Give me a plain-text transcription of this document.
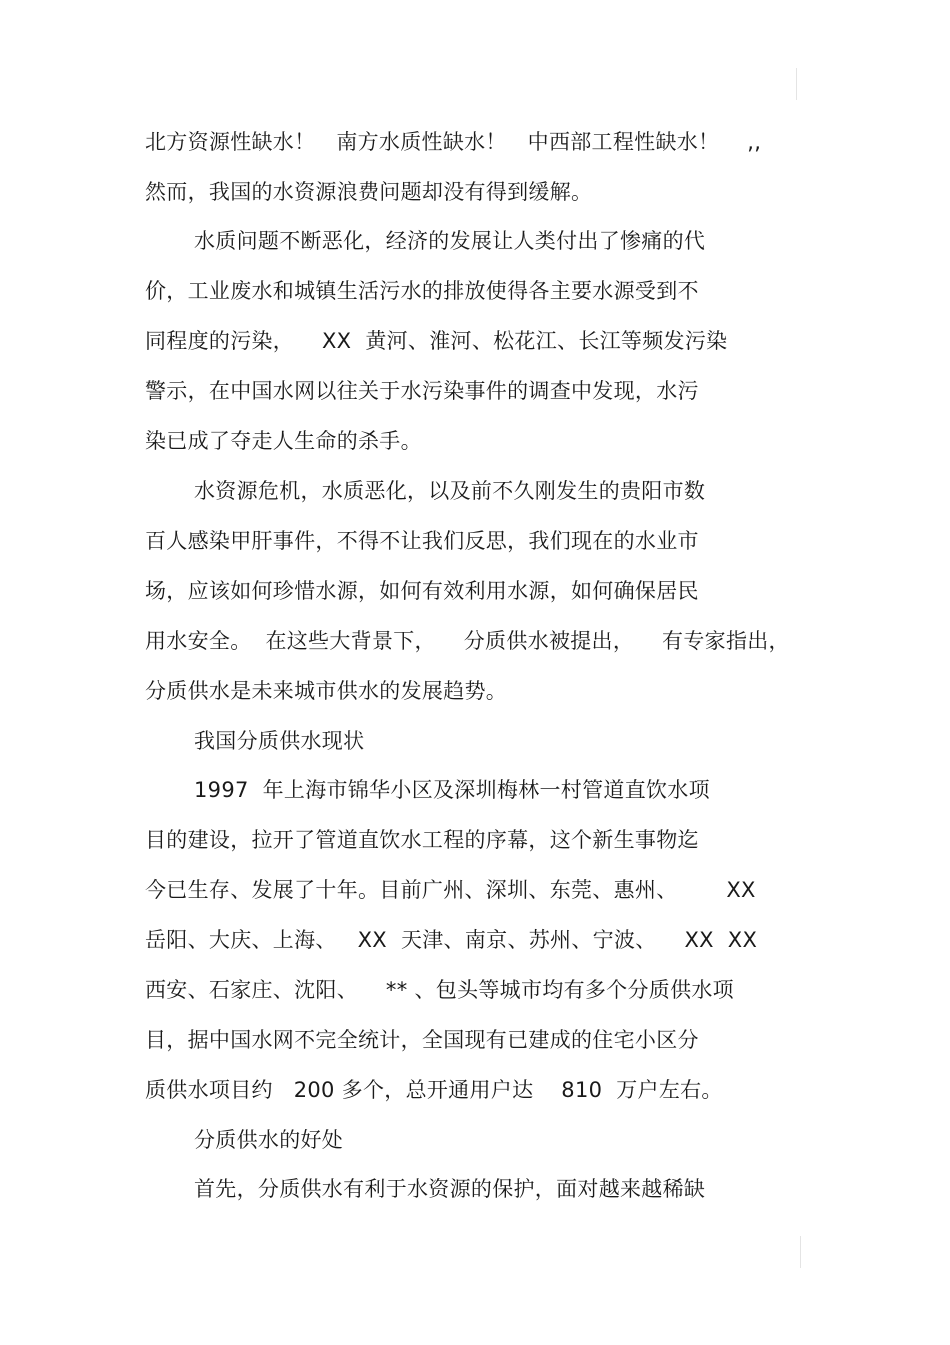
北方资源性缺水！   南方水质性缺水！   中西部工程性缺水！    ,,

然而，我国的水资源浪费问题却没有得到缓解。

水质问题不断恶化，经济的发展让人类付出了惨痛的代

价，工业废水和城镇生活污水的排放使得各主要水源受到不

同程度的污染，    XX  黄河、淮河、松花江、长江等频发污染

警示，在中国水网以往关于水污染事件的调查中发现，水污

染已成了夺走人生命的杀手。

水资源危机，水质恶化，以及前不久刚发生的贵阳市数

百人感染甲肝事件，不得不让我们反思，我们现在的水业市

场，应该如何珍惜水源，如何有效利用水源，如何确保居民

用水安全。  在这些大背景下，    分质供水被提出，    有专家指出，

分质供水是未来城市供水的发展趋势。

我国分质供水现状

1997  年上海市锦华小区及深圳梅林一村管道直饮水项

目的建设，拉开了管道直饮水工程的序幕，这个新生事物迄

今已生存、发展了十年。目前广州、深圳、东莞、惠州、       XX

岳阳、大庆、上海、   XX  天津、南京、苏州、宁波、    XX  XX

西安、石家庄、沈阳、    ** 、包头等城市均有多个分质供水项

目，据中国水网不完全统计，全国现有已建成的住宅小区分

质供水项目约   200 多个，总开通用户达    810  万户左右。

分质供水的好处

首先，分质供水有利于水资源的保护，面对越来越稀缺
